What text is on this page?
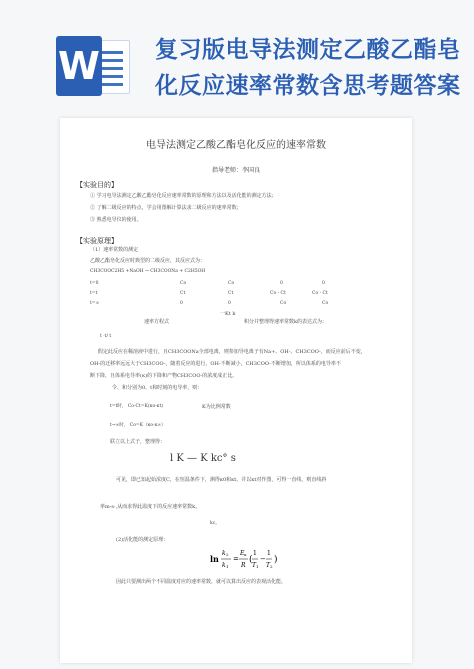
W 复习版电导法测定乙酸乙酯皂
化反应速率常数含思考题答案
电导法测定乙酸乙酯皂化反应的速率常数
指导老师：李国良
【实验目的】
① 学习电导法测定乙酸乙酯皂化反应速率常数的原理和方法以及活化能的测定方法；
② 了解二级反应的特点，学会用图解计算法求二级反应的速率常数；
③ 熟悉电导仪的使用。
【实验原理】
（1）速率常数的测定
乙酸乙酯皂化反应时典型的二级反应，其反应式为：
CH3COOC2H5 +NaOH → CH3COONa + C2H5OH
t=0	Co	Co	0	0
t=t	Ct	Ct	Co - Ct	Co - Ct
t=∞	0	0	Co	Co
一Kt k
速率方程式	积分并整理得速率常数k的表达式为：
t ·t/ t
假定此反应在稀溶液中进行，且CH3COONa全部电离，则参加导电离子有Na+、OH-、CH3COO-，而反应前后不变，
OH-的迁移率远远大于CH3COO-，随着反应的进行，OH-不断减小，CH3COO-不断增加，所以体系的电导率不
断下降，且体系电导率(κ)的下降和产物CH3COO-的浓度成正比。
令、和分别为0、t和时刻的电导率，则：
t=t时， Co-Ct=K(κo-κt)	K为比例常数
t→∞时， Co=K（κo-κ∞）
联立以上式子，整理得：
l K — K kc° s
可见，即已知起始浓度C，在恒温条件下，测得κ0和κt，并以κt对作图，可得一直线，则直线斜
率m-s·,从而求得此温度下的反应速率常数k。
kc。
(2)活化能的测定原理：
ln
k 2
k 1
=
E a
R
(
1
T 1
−
1
T 2
)
因此只要测出两个不同温度对应的速率常数，就可以算出反应的表观活化能。
